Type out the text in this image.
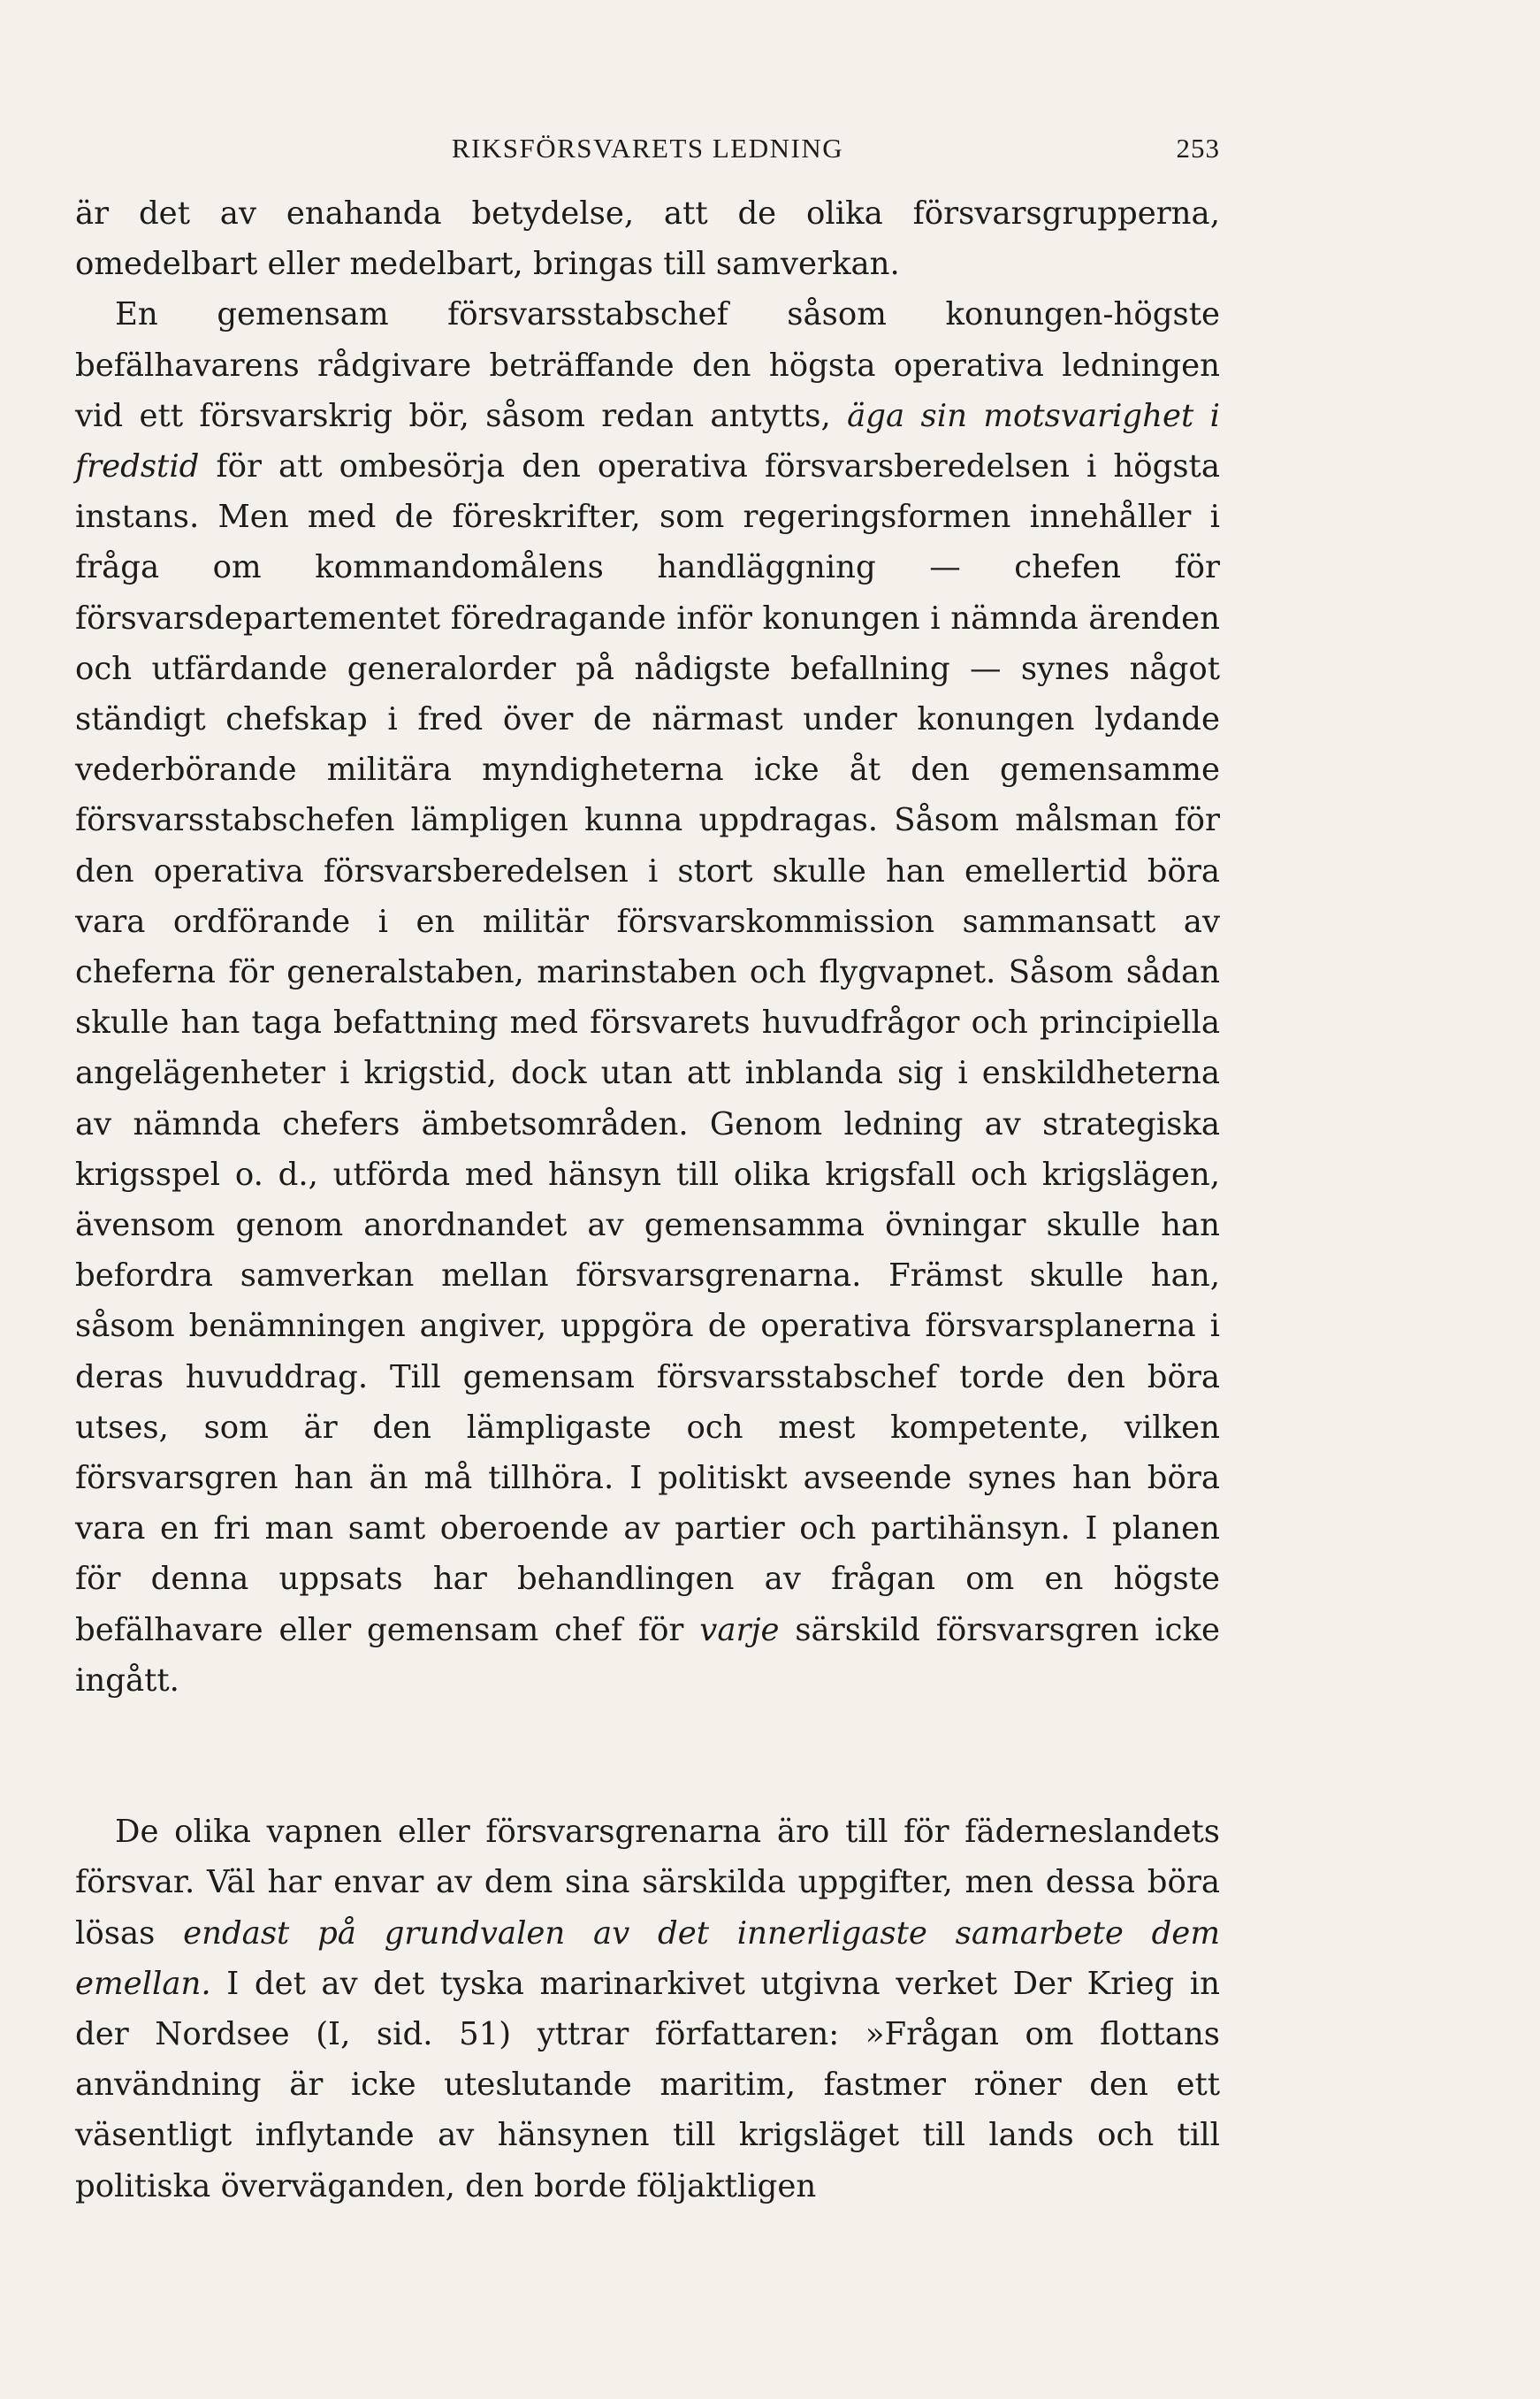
RIKSFÖRSVARETS LEDNING	253

är det av enahanda betydelse, att de olika försvarsgrupperna, omedelbart eller medelbart, bringas till samverkan.

En gemensam försvarsstabschef såsom konungen-högste befälhavarens rådgivare beträffande den högsta operativa ledningen vid ett försvarskrig bör, såsom redan antytts, äga sin motsvarighet i fredstid för att ombesörja den operativa försvarsberedelsen i högsta instans. Men med de föreskrifter, som regeringsformen innehåller i fråga om kommandomålens handläggning — chefen för försvarsdepartementet föredragande inför konungen i nämnda ärenden och utfärdande generalorder på nådigste befallning — synes något ständigt chefskap i fred över de närmast under konungen lydande vederbörande militära myndigheterna icke åt den gemensamme försvarsstabschefen lämpligen kunna uppdragas. Såsom målsman för den operativa försvarsberedelsen i stort skulle han emellertid böra vara ordförande i en militär försvarskommission sammansatt av cheferna för generalstaben, marinstaben och flygvapnet. Såsom sådan skulle han taga befattning med försvarets huvudfrågor och principiella angelägenheter i krigstid, dock utan att inblanda sig i enskildheterna av nämnda chefers ämbetsområden. Genom ledning av strategiska krigsspel o. d., utförda med hänsyn till olika krigsfall och krigslägen, ävensom genom anordnandet av gemensamma övningar skulle han befordra samverkan mellan försvarsgrenarna. Främst skulle han, såsom benämningen angiver, uppgöra de operativa försvarsplanerna i deras huvuddrag. Till gemensam försvarsstabschef torde den böra utses, som är den lämpligaste och mest kompetente, vilken försvarsgren han än må tillhöra. I politiskt avseende synes han böra vara en fri man samt oberoende av partier och partihänsyn. I planen för denna uppsats har behandlingen av frågan om en högste befälhavare eller gemensam chef för varje särskild försvarsgren icke ingått.

De olika vapnen eller försvarsgrenarna äro till för fäderneslandets försvar. Väl har envar av dem sina särskilda uppgifter, men dessa böra lösas endast på grundvalen av det innerligaste samarbete dem emellan. I det av det tyska marinarkivet utgivna verket Der Krieg in der Nordsee (I, sid. 51) yttrar författaren: »Frågan om flottans användning är icke uteslutande maritim, fastmer röner den ett väsentligt inflytande av hänsynen till krigsläget till lands och till politiska överväganden, den borde följaktligen
